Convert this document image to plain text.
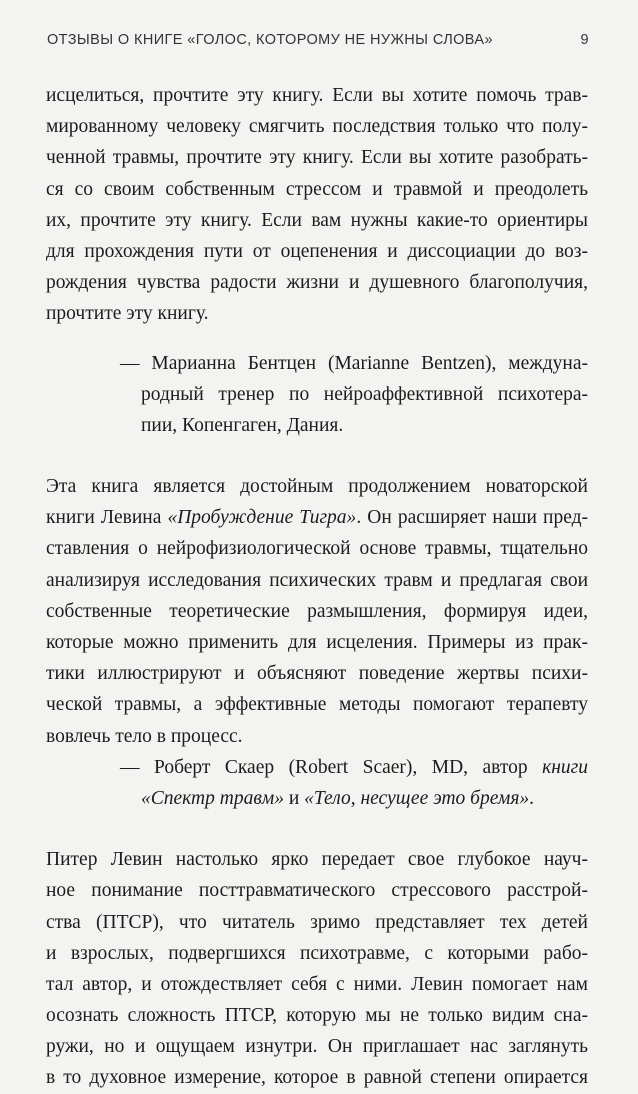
ОТЗЫВЫ О КНИГЕ «ГОЛОС, КОТОРОМУ НЕ НУЖНЫ СЛОВА»	9
исцелиться, прочтите эту книгу. Если вы хотите помочь трав-
мированному человеку смягчить последствия только что полу-
ченной травмы, прочтите эту книгу. Если вы хотите разобрать-
ся со своим собственным стрессом и травмой и преодолеть
их, прочтите эту книгу. Если вам нужны какие-то ориентиры
для прохождения пути от оцепенения и диссоциации до воз-
рождения чувства радости жизни и душевного благополучия,
прочтите эту книгу.
— Марианна Бентцен (Marianne Bentzen), междуна-
родный тренер по нейроаффективной психотера-
пии, Копенгаген, Дания.
Эта книга является достойным продолжением новаторской
книги Левина «Пробуждение Тигра». Он расширяет наши пред-
ставления о нейрофизиологической основе травмы, тщательно
анализируя исследования психических травм и предлагая свои
собственные теоретические размышления, формируя идеи,
которые можно применить для исцеления. Примеры из прак-
тики иллюстрируют и объясняют поведение жертвы психи-
ческой травмы, а эффективные методы помогают терапевту
вовлечь тело в процесс.
— Роберт Скаер (Robert Scaer), MD, автор книги
«Спектр травм» и «Тело, несущее это бремя».
Питер Левин настолько ярко передает свое глубокое науч-
ное понимание посттравматического стрессового расстрой-
ства (ПТСР), что читатель зримо представляет тех детей
и взрослых, подвергшихся психотравме, с которыми рабо-
тал автор, и отождествляет себя с ними. Левин помогает нам
осознать сложность ПТСР, которую мы не только видим сна-
ружи, но и ощущаем изнутри. Он приглашает нас заглянуть
в то духовное измерение, которое в равной степени опирается
